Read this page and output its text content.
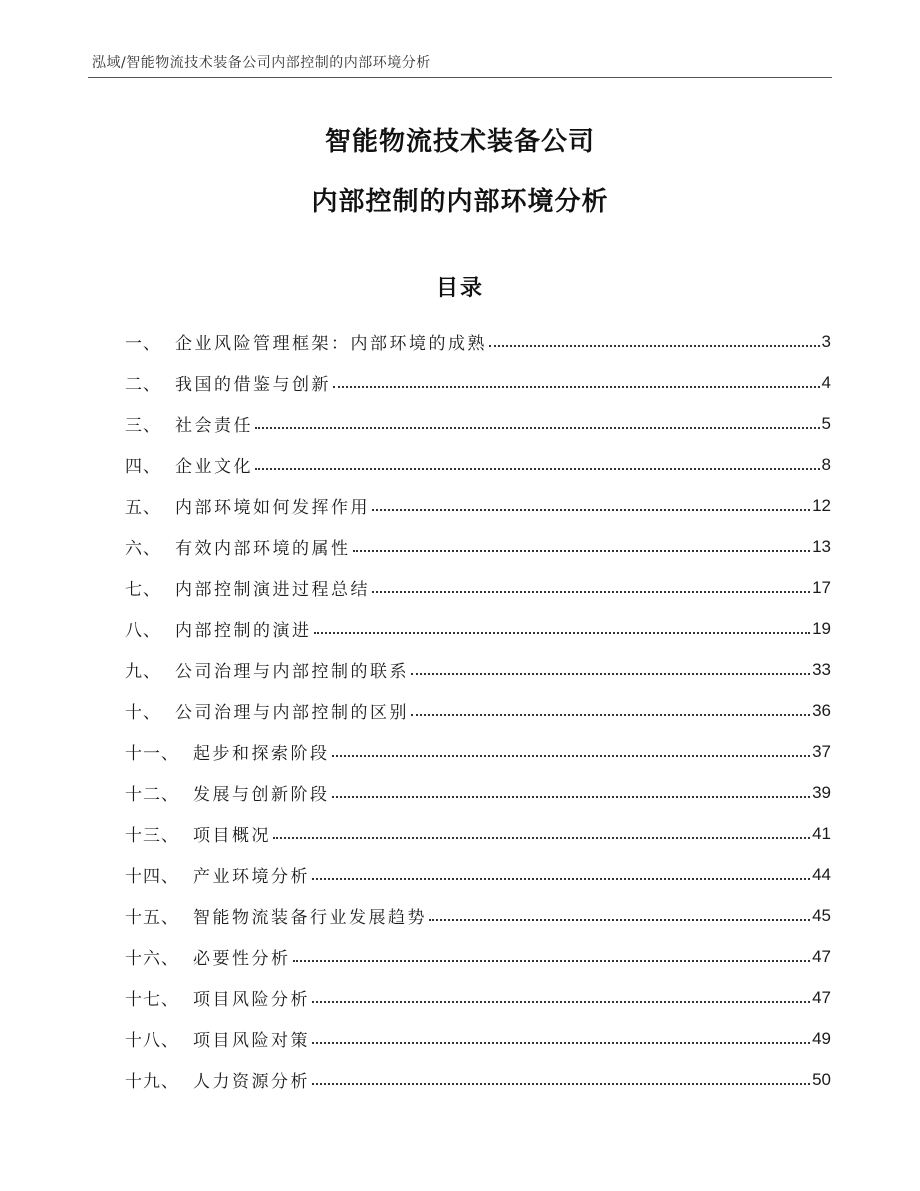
泓域/智能物流技术装备公司内部控制的内部环境分析
智能物流技术装备公司
内部控制的内部环境分析
目录
一、 企业风险管理框架：内部环境的成熟	3
二、 我国的借鉴与创新	4
三、 社会责任	5
四、 企业文化	8
五、 内部环境如何发挥作用	12
六、 有效内部环境的属性	13
七、 内部控制演进过程总结	17
八、 内部控制的演进	19
九、 公司治理与内部控制的联系	33
十、 公司治理与内部控制的区别	36
十一、 起步和探索阶段	37
十二、 发展与创新阶段	39
十三、 项目概况	41
十四、 产业环境分析	44
十五、 智能物流装备行业发展趋势	45
十六、 必要性分析	47
十七、 项目风险分析	47
十八、 项目风险对策	49
十九、 人力资源分析	50
